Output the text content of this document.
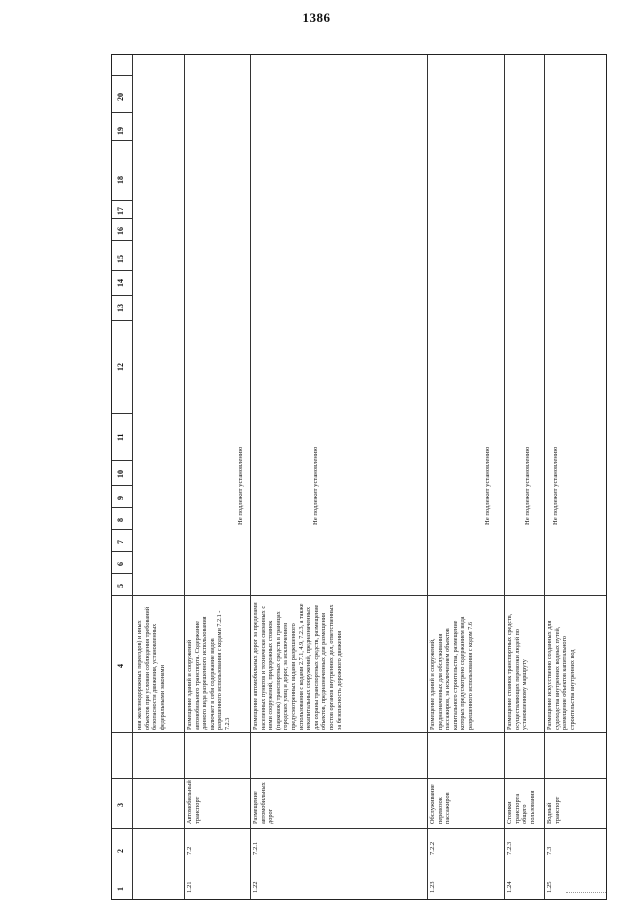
1386
1
2
3
4
5
6
7
8
9
10
11
12
13
14
15
16
17
18
19
20
ния железнодорожных переездов) и иных объектов при условии соблюдения требований безопасности движения, установленных федеральными законами
1.21
7.2
Автомобильный транспорт
Размещение зданий и сооружений автомобильного транспорта. Содержание данного вида разрешенного использования включает в себя содержание видов разрешенного использования с кодами 7.2.1 - 7.2.3
Не подлежит установлению
1.22
7.2.1
Размещение автомобильных дорог
Размещение автомобильных дорог за пределами населенных пунктов и технически связанных с ними сооружений, придорожных стоянок (парковок) транспортных средств в границах городских улиц и дорог, за исключением предусмотренных видами разрешенного использования с кодами 2.7.1, 4.9, 7.2.3, а также некапитальных сооружений, предназначенных для охраны транспортных средств, размещение объектов, предназначенных для размещения постов органов внутренних дел, ответственных за безопасность дорожного движения
Не подлежит установлению
1.23
7.2.2
Обслуживание перевозок пассажиров
Размещение зданий и сооружений, предназначенных для обслуживания пассажиров, за исключением объектов капитального строительства, размещение которых предусмотрено содержанием вида разрешенного использования с кодом 7.6
Не подлежит установлению
1.24
7.2.3
Стоянки транспорта общего пользования
Размещение стоянок транспортных средств, осуществляющих перевозки людей по установленному маршруту
Не подлежит установлению
1.25
7.3
Водный транспорт
Размещение искусственно созданных для судоходства внутренних водных путей, размещение объектов капитального строительства внутренних вод
Не подлежит установлению
